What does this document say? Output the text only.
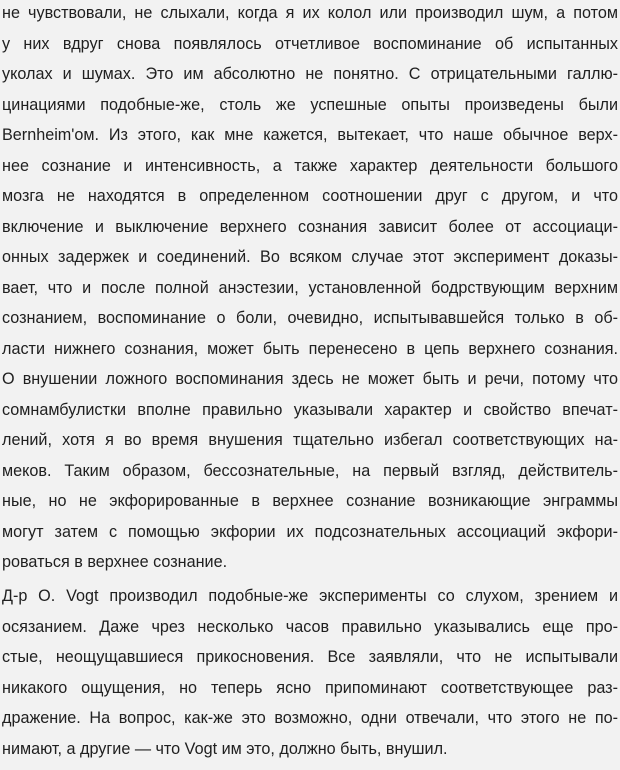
не чувствовали, не слыхали, когда я их колол или производил шум, а потом
у них вдруг снова появлялось отчетливое воспоминание об испытанных
уколах и шумах. Это им абсолютно не понятно. С отрицательными галлю-
цинациями подобные-же, столь же успешные опыты произведены были
Bernheim'ом. Из этого, как мне кажется, вытекает, что наше обычное верх-
нее сознание и интенсивность, а также характер деятельности большого
мозга не находятся в определенном соотношении друг с другом, и что
включение и выключение верхнего сознания зависит более от ассоциаци-
онных задержек и соединений. Во всяком случае этот эксперимент доказы-
вает, что и после полной анэстезии, установленной бодрствующим верхним
сознанием, воспоминание о боли, очевидно, испытывавшейся только в об-
ласти нижнего сознания, может быть перенесено в цепь верхнего сознания.
О внушении ложного воспоминания здесь не может быть и речи, потому что
сомнамбулистки вполне правильно указывали характер и свойство впечат-
лений, хотя я во время внушения тщательно избегал соответствующих на-
меков. Таким образом, бессознательные, на первый взгляд, действитель-
ные, но не экфорированные в верхнее сознание возникающие энграммы
могут затем с помощью экфории их подсознательных ассоциаций экфори-
роваться в верхнее сознание.
Д-р О. Vogt производил подобные-же эксперименты со слухом, зрением и
осязанием. Даже чрез несколько часов правильно указывались еще про-
стые, неощущавшиеся прикосновения. Все заявляли, что не испытывали
никакого ощущения, но теперь ясно припоминают соответствующее раз-
дражение. На вопрос, как-же это возможно, одни отвечали, что этого не по-
нимают, а другие — что Vogt им это, должно быть, внушил.
